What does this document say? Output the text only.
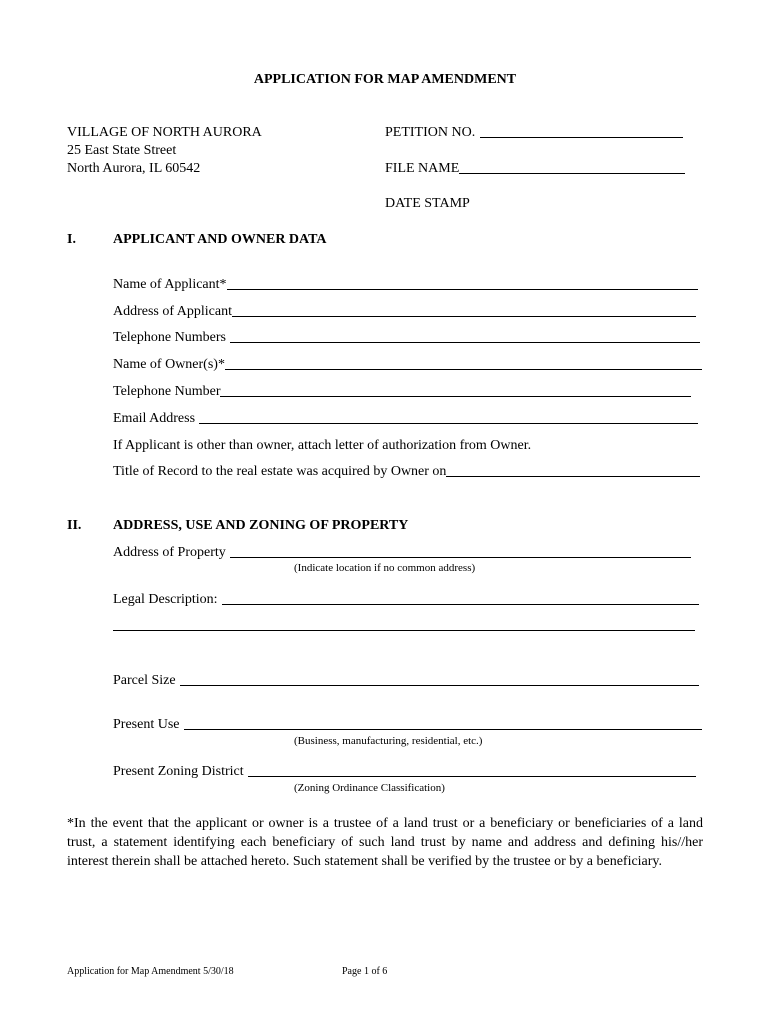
APPLICATION FOR MAP AMENDMENT
VILLAGE OF NORTH AURORA
25 East State Street
North Aurora, IL 60542
PETITION NO.
FILE NAME
DATE STAMP
I.	APPLICANT AND OWNER DATA
Name of Applicant*
Address of Applicant
Telephone Numbers
Name of Owner(s)*
Telephone Number
Email Address
If Applicant is other than owner, attach letter of authorization from Owner.
Title of Record to the real estate was acquired by Owner on
II. ADDRESS, USE AND ZONING OF PROPERTY
Address of Property
(Indicate location if no common address)
Legal Description:
Parcel Size
Present Use
(Business, manufacturing, residential, etc.)
Present Zoning District
(Zoning Ordinance Classification)
*In the event that the applicant or owner is a trustee of a land trust or a beneficiary or beneficiaries of a land trust, a statement identifying each beneficiary of such land trust by name and address and defining his//her interest therein shall be attached hereto. Such statement shall be verified by the trustee or by a beneficiary.
Application for Map Amendment 5/30/18	Page 1 of 6
